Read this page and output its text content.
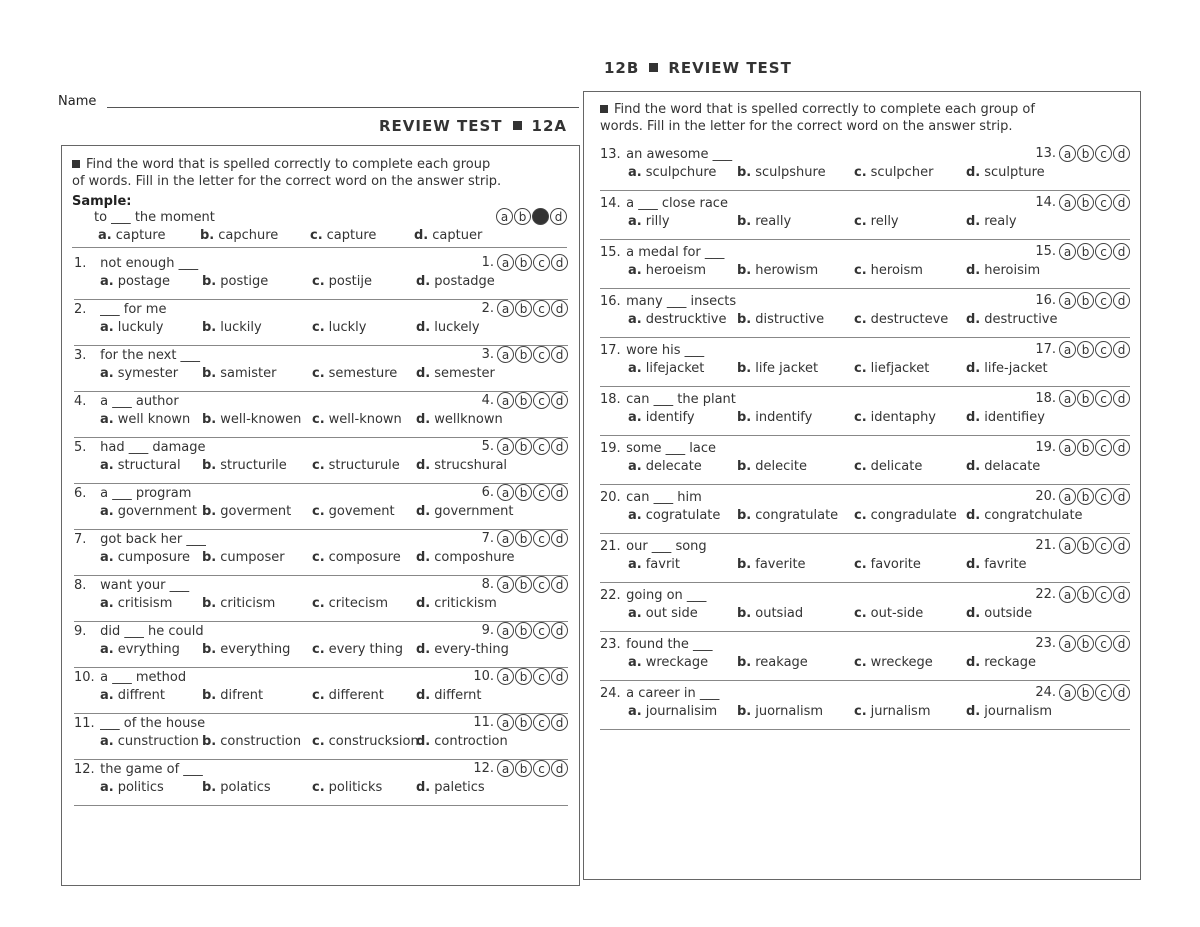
Name
12B REVIEW TEST
REVIEW TEST 12A
Find the word that is spelled correctly to complete each group of words. Fill in the letter for the correct word on the answer strip.
Find the word that is spelled correctly to complete each group of words. Fill in the letter for the correct word on the answer strip.
Sample:
to ___ the moment
a. capture	b. capchure c. capture	d. captuer
a b c d
1. not enough ___
a. postage b. postige	c. postije	d. postadge
1. a b c d
2. ___ for me
a. luckuly	b. luckily	c. luckly	d. luckely
2. a b c d
3. for the next ___
a. symester b. samister	c. semesture d. semester
3. a b c d
4. a ___ author
a. well known b. well-knowen c. well-known d. wellknown
4. a b c d
5. had ___ damage
a. structural b. structurile c. structurule d. strucshural
5. a b c d
6. a ___ program
a. government b. goverment c. govement d. government
6. a b c d
7. got back her ___
a. cumposure b. cumposer c. composure d. composhure
7. a b c d
8. want your ___
a. critisism b. criticism	c. critecism d. critickism
8. a b c d
9. did ___ he could
a. evrything b. everything c. every thing d. every-thing
9. a b c d
10. a ___ method
a. diffrent	b. difrent	c. different d. differnt
10. a b c d
11. ___ of the house
a. cunstruction b. construction c. construcksion
d. controction
11. a b c d
12. the game of ___
a. politics	b. polatics	c. politicks	d. paletics
12. a b c d
13. an awesome ___
a. sculpchure b. sculpshure c. sculpcher	d. sculpture
13. a b c d
14. a ___ close race
a. rilly	b. really	c. relly	d. realy
14. a b c d
15. a medal for ___
a. heroeism b. herowism	c. heroism	d. heroisim
15. a b c d
16. many ___ insects
a. destrucktive b. distructive c. destructeve d. destructive
16. a b c d
17. wore his ___
a. lifejacket	b. life jacket	c. liefjacket	d. life-jacket
17. a b c d
18. can ___ the plant
a. identify	b. indentify	c. identaphy d. identifiey
18. a b c d
19. some ___ lace
a. delecate	b. delecite	c. delicate	d. delacate
19. a b c d
20. can ___ him
a. cogratulate b. congratulate c. congradulate d. congratchulate
20. a b c d
21. our ___ song
a. favrit	b. faverite	c. favorite	d. favrite
21. a b c d
22. going on ___
a. out side	b. outsiad	c. out-side	d. outside
22. a b c d
23. found the ___
a. wreckage b. reakage	c. wreckege	d. reckage
23. a b c d
24. a career in ___
a. journalisim b. juornalism c. jurnalism	d. journalism
24. a b c d
